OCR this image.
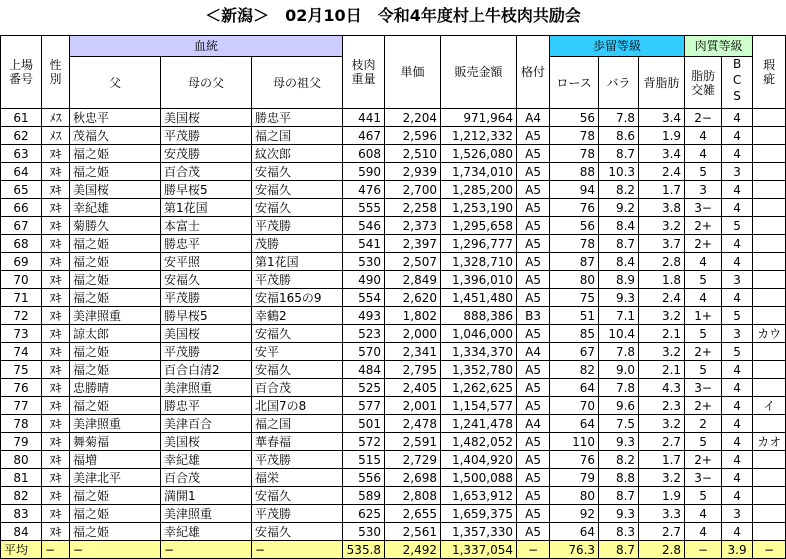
＜新潟＞　02月10日　令和4年度村上牛枝肉共励会
上場番号	性別	血統			枝肉重量	単価	販売金額	格付	歩留等級			肉質等級		瑕疵
		父	母の父	母の祖父					ロース	バラ	背脂肪	脂肪交雑	BCS	
61	ﾒｽ	秋忠平	美国桜	勝忠平	441	2,204	971,964	A4	56	7.8	3.4	2−	4	
62	ﾒｽ	茂福久	平茂勝	福之国	467	2,596	1,212,332	A5	78	8.6	1.9	4	4	
63	ﾇｷ	福之姫	安茂勝	紋次郎	608	2,510	1,526,080	A5	78	8.7	3.4	4	4	
64	ﾇｷ	福之姫	百合茂	安福久	590	2,939	1,734,010	A5	88	10.3	2.4	5	3	
65	ﾇｷ	美国桜	勝早桜5	安福久	476	2,700	1,285,200	A5	94	8.2	1.7	3	4	
66	ﾇｷ	幸紀雄	第1花国	安福久	555	2,258	1,253,190	A5	76	9.2	3.8	3−	4	
67	ﾇｷ	菊勝久	本富士	平茂勝	546	2,373	1,295,658	A5	56	8.4	3.2	2+	5	
68	ﾇｷ	福之姫	勝忠平	茂勝	541	2,397	1,296,777	A5	78	8.7	3.7	2+	4	
69	ﾇｷ	福之姫	安平照	第1花国	530	2,507	1,328,710	A5	87	8.4	2.8	4	4	
70	ﾇｷ	福之姫	安福久	平茂勝	490	2,849	1,396,010	A5	80	8.9	1.8	5	3	
71	ﾇｷ	福之姫	平茂勝	安福165の9	554	2,620	1,451,480	A5	75	9.3	2.4	4	4	
72	ﾇｷ	美津照重	勝早桜5	幸鶴2	493	1,802	888,386	B3	51	7.1	3.2	1+	5	
73	ﾇｷ	諒太郎	美国桜	安福久	523	2,000	1,046,000	A5	85	10.4	2.1	5	3	カウ
74	ﾇｷ	福之姫	平茂勝	安平	570	2,341	1,334,370	A4	67	7.8	3.2	2+	5	
75	ﾇｷ	福之姫	百合白清2	安福久	484	2,795	1,352,780	A5	82	9.0	2.1	5	4	
76	ﾇｷ	忠勝晴	美津照重	百合茂	525	2,405	1,262,625	A5	64	7.8	4.3	3−	4	
77	ﾇｷ	福之姫	勝忠平	北国7の8	577	2,001	1,154,577	A5	70	9.6	2.3	2+	4	イ
78	ﾇｷ	美津照重	美津百合	福之国	501	2,478	1,241,478	A4	64	7.5	3.2	2	4	
79	ﾇｷ	舞菊福	美国桜	華春福	572	2,591	1,482,052	A5	110	9.3	2.7	5	4	カオ
80	ﾇｷ	福増	幸紀雄	平茂勝	515	2,729	1,404,920	A5	76	8.2	1.7	2+	4	
81	ﾇｷ	美津北平	百合茂	福栄	556	2,698	1,500,088	A5	79	8.8	3.2	3−	4	
82	ﾇｷ	福之姫	満開1	安福久	589	2,808	1,653,912	A5	80	8.7	1.9	5	4	
83	ﾇｷ	福之姫	美津照重	平茂勝	625	2,655	1,659,375	A5	92	9.3	3.3	4	3	
84	ﾇｷ	福之姫	幸紀雄	安福久	530	2,561	1,357,330	A5	64	8.3	2.7	4	4	
平均	−	−	−	−	535.8	2,492	1,337,054	−	76.3	8.7	2.8	−	3.9	−
